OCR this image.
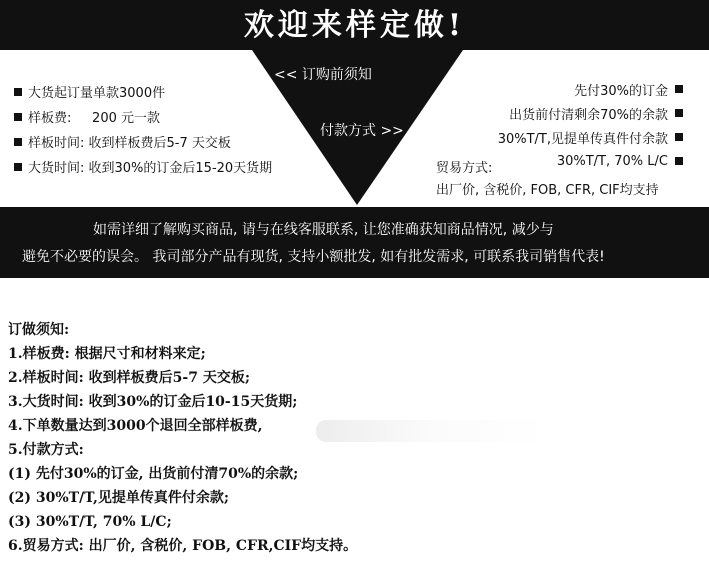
欢迎来样定做!
<< 订购前须知
付款方式 >>
大货起订量单款3000件
样板费:     200 元一款
样板时间: 收到样板费后5-7 天交板
大货时间: 收到30%的订金后15-20天货期
先付30%的订金
出货前付清剩余70%的余款
30%T/T,见提单传真件付余款
30%T/T, 70% L/C
贸易方式:
出厂价, 含税价, FOB, CFR, CIF均支持
如需详细了解购买商品, 请与在线客服联系, 让您准确获知商品情况, 减少与
避免不必要的误会。 我司部分产品有现货, 支持小额批发, 如有批发需求, 可联系我司销售代表!
订做须知:
1.样板费: 根据尺寸和材料来定;
2.样板时间: 收到样板费后5-7 天交板;
3.大货时间: 收到30%的订金后10-15天货期;
4.下单数量达到3000个退回全部样板费,
5.付款方式:
(1) 先付30%的订金, 出货前付清70%的余款;
(2) 30%T/T,见提单传真件付余款;
(3) 30%T/T, 70% L/C;
6.贸易方式: 出厂价, 含税价, FOB, CFR,CIF均支持。
